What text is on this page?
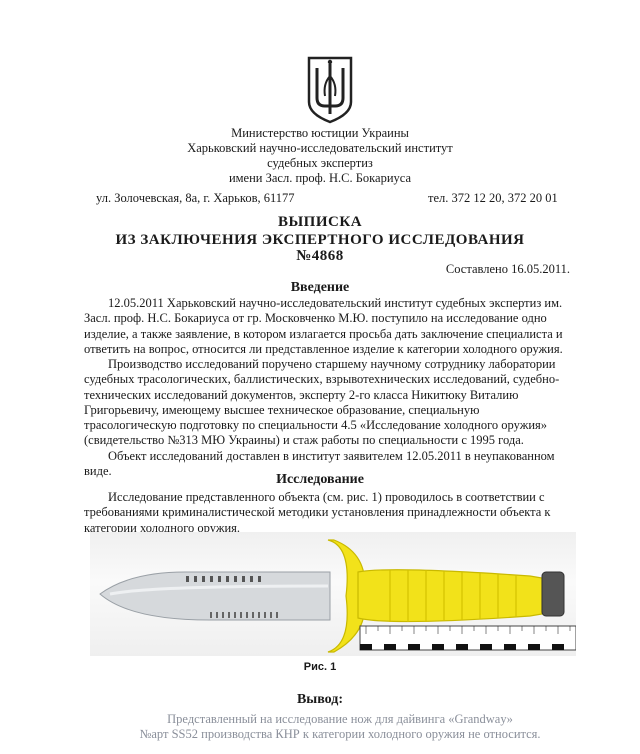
Министерство юстиции Украины
Харьковский научно-исследовательский институт
судебных экспертиз
имени Засл. проф. Н.С. Бокариуса
ул. Золочевская, 8а, г. Харьков, 61177	тел. 372 12 20, 372 20 01
ВЫПИСКА
ИЗ ЗАКЛЮЧЕНИЯ ЭКСПЕРТНОГО ИССЛЕДОВАНИЯ
№4868
Составлено 16.05.2011.
Введение
12.05.2011 Харьковский научно-исследовательский институт судебных экспертиз им.
Засл. проф. Н.С. Бокариуса от гр. Московченко М.Ю. поступило на исследование одно
изделие, а также заявление, в котором излагается просьба дать заключение специалиста и
ответить на вопрос, относится ли представленное изделие к категории холодного оружия.
Производство исследований поручено старшему научному сотруднику лаборатории
судебных трасологических, баллистических, взрывотехнических исследований, судебно-
технических исследований документов, эксперту 2-го класса Никитюку Виталию
Григорьевичу, имеющему высшее техническое образование, специальную
трасологическую подготовку по специальности 4.5 «Исследование холодного оружия»
(свидетельство №313 МЮ Украины) и стаж работы по специальности с 1995 года.
Объект исследований доставлен в институт заявителем 12.05.2011 в неупакованном
виде.
Исследование
Исследование представленного объекта (см. рис. 1) проводилось в соответствии с
требованиями криминалистической методики установления принадлежности объекта к
категории холодного оружия.
Рис. 1
Вывод:
Представленный на исследование нож для дайвинга «Grandway»
№арт SS52 производства КНР к категории холодного оружия не относится.
